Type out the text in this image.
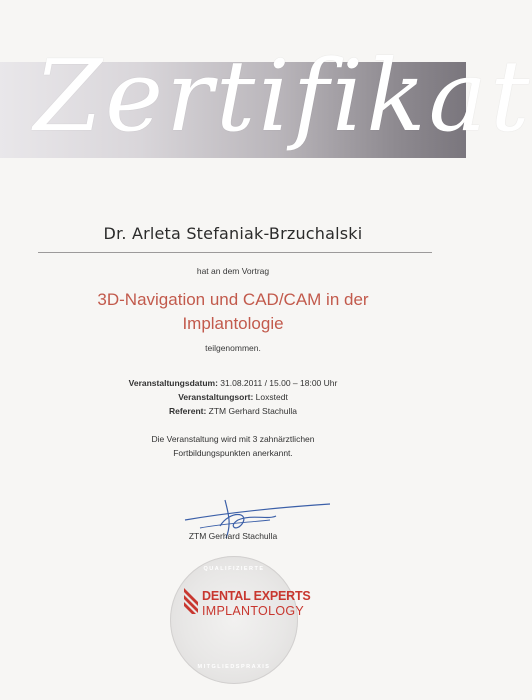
Zertifikat
Dr. Arleta Stefaniak-Brzuchalski
hat an dem Vortrag
3D-Navigation und CAD/CAM in der
Implantologie
teilgenommen.
Veranstaltungsdatum: 31.08.2011 / 15.00 – 18:00 Uhr
Veranstaltungsort: Loxstedt
Referent: ZTM Gerhard Stachulla
Die Veranstaltung wird mit 3 zahnärztlichen
Fortbildungspunkten anerkannt.
ZTM Gerhard Stachulla
QUALIFIZIERTE
DENTAL EXPERTS
IMPLANTOLOGY
MITGLIEDSPRAXIS
